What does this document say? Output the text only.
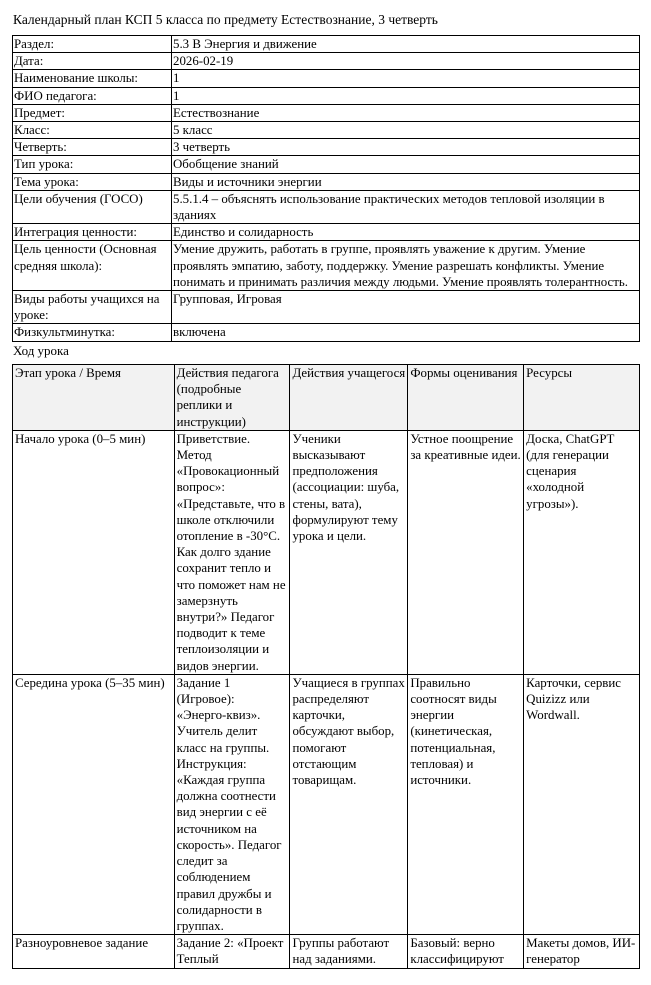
Календарный план КСП 5 класса по предмету Естествознание, 3 четверть
Раздел:	5.3 В Энергия и движение
Дата:	2026-02-19
Наименование школы:	1
ФИО педагога:	1
Предмет:	Естествознание
Класс:	5 класс
Четверть:	3 четверть
Тип урока:	Обобщение знаний
Тема урока:	Виды и источники энергии
Цели обучения (ГОСО)	5.5.1.4 – объяснять использование практических методов тепловой изоляции в зданиях
Интеграция ценности:	Единство и солидарность
Цель ценности (Основная средняя школа):	Умение дружить, работать в группе, проявлять уважение к другим. Умение проявлять эмпатию, заботу, поддержку. Умение разрешать конфликты. Умение понимать и принимать различия между людьми. Умение проявлять толерантность.
Виды работы учащихся на уроке:	Групповая, Игровая
Физкультминутка:	включена
Ход урока
Этап урока / Время	Действия педагога (подробные реплики и инструкции)	Действия учащегося	Формы оценивания	Ресурсы
Начало урока (0–5 мин)	Приветствие. Метод «Провокационный вопрос»: «Представьте, что в школе отключили отопление в -30°C. Как долго здание сохранит тепло и что поможет нам не замерзнуть внутри?» Педагог подводит к теме теплоизоляции и видов энергии.	Ученики высказывают предположения (ассоциации: шуба, стены, вата), формулируют тему урока и цели.	Устное поощрение за креативные идеи.	Доска, ChatGPT (для генерации сценария «холодной угрозы»).
Середина урока (5–35 мин)	Задание 1 (Игровое): «Энерго-квиз». Учитель делит класс на группы. Инструкция: «Каждая группа должна соотнести вид энергии с её источником на скорость». Педагог следит за соблюдением правил дружбы и солидарности в группах.	Учащиеся в группах распределяют карточки, обсуждают выбор, помогают отстающим товарищам.	Правильно соотносят виды энергии (кинетическая, потенциальная, тепловая) и источники.	Карточки, сервис Quizizz или Wordwall.
Разноуровневое задание	Задание 2: «Проект Теплый	Группы работают над заданиями.	Базовый: верно классифицируют	Макеты домов, ИИ-генератор
